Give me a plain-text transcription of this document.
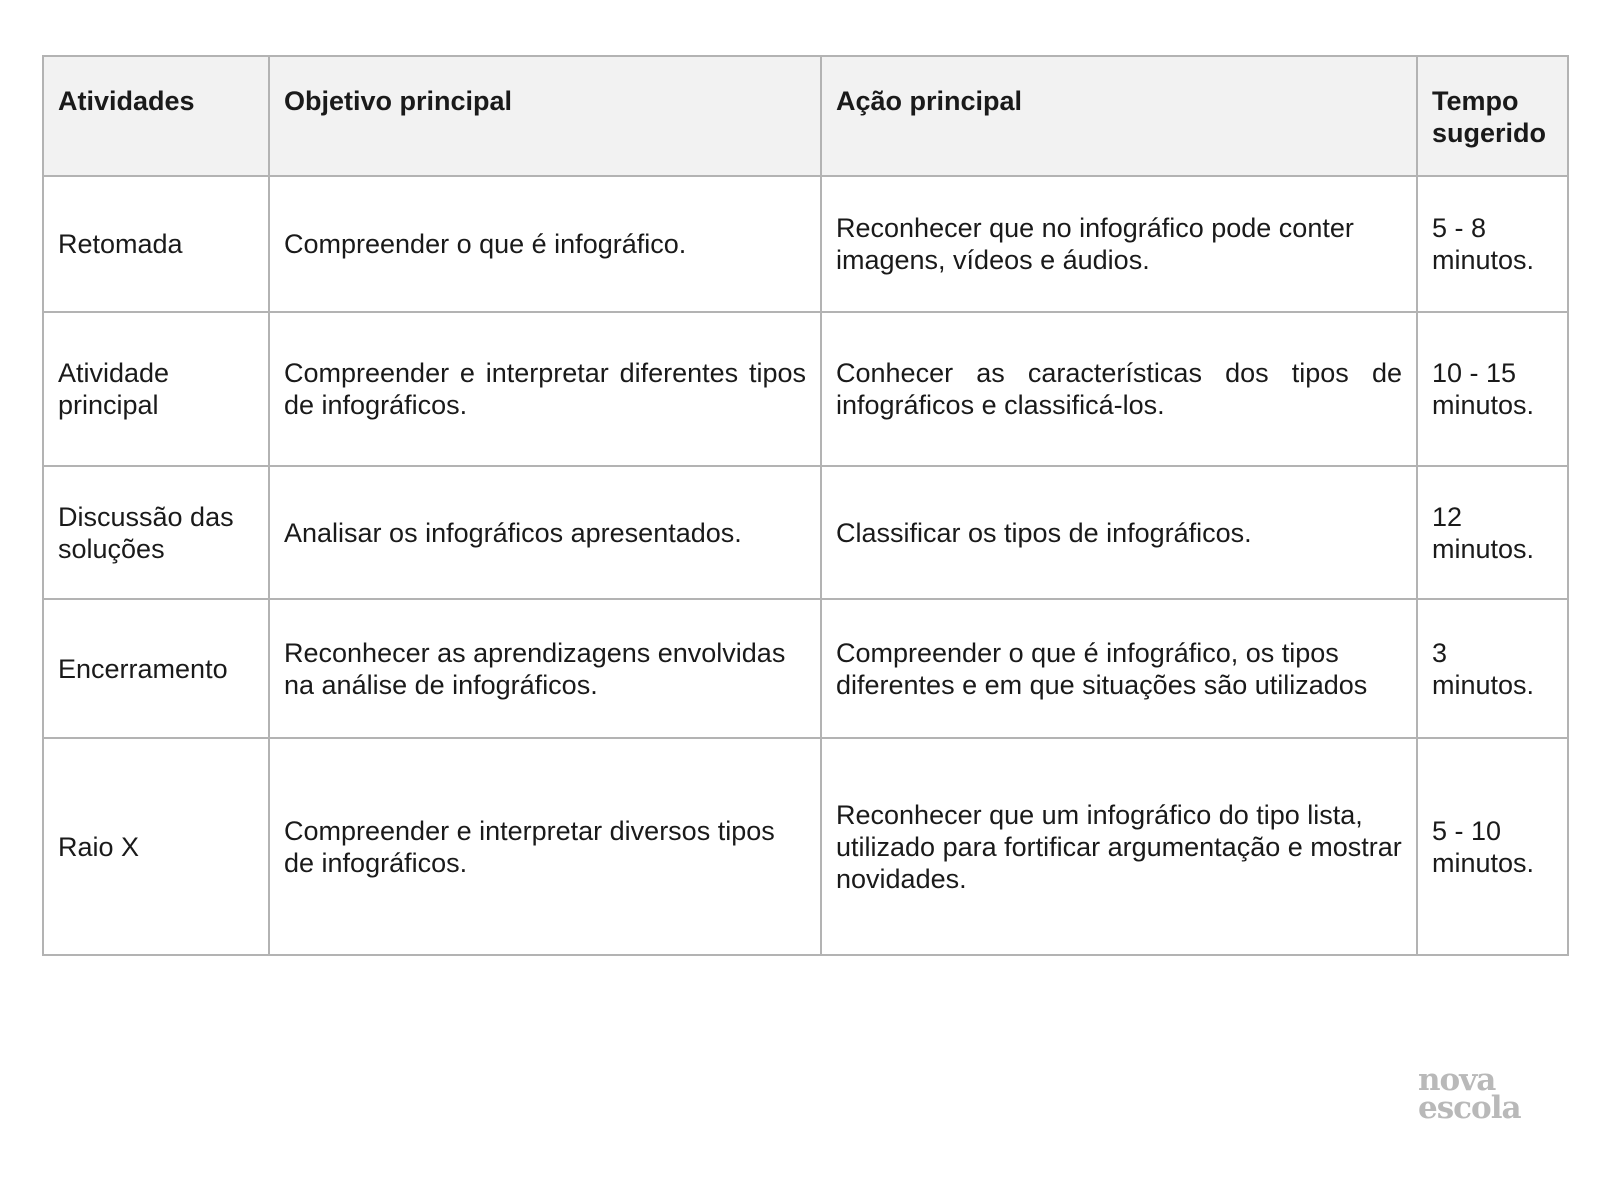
Atividades	Objetivo principal	Ação principal	Tempo sugerido
Retomada	Compreender o que é infográfico.	Reconhecer que no infográfico pode conter imagens, vídeos e áudios.	5 - 8 minutos.
Atividade principal	Compreender e interpretar diferentes tipos de infográficos.	Conhecer as características dos tipos de infográficos e classificá-los.	10 - 15 minutos.
Discussão das soluções	Analisar os infográficos apresentados.	Classificar os tipos de infográficos.	12 minutos.
Encerramento	Reconhecer as aprendizagens envolvidas na análise de infográficos.	Compreender o que é infográfico, os tipos diferentes e em que situações são utilizados	3 minutos.
Raio X	Compreender e interpretar diversos tipos de infográficos.	Reconhecer que um infográfico do tipo lista, utilizado para fortificar argumentação e mostrar novidades.	5 - 10 minutos.
nova
escola
